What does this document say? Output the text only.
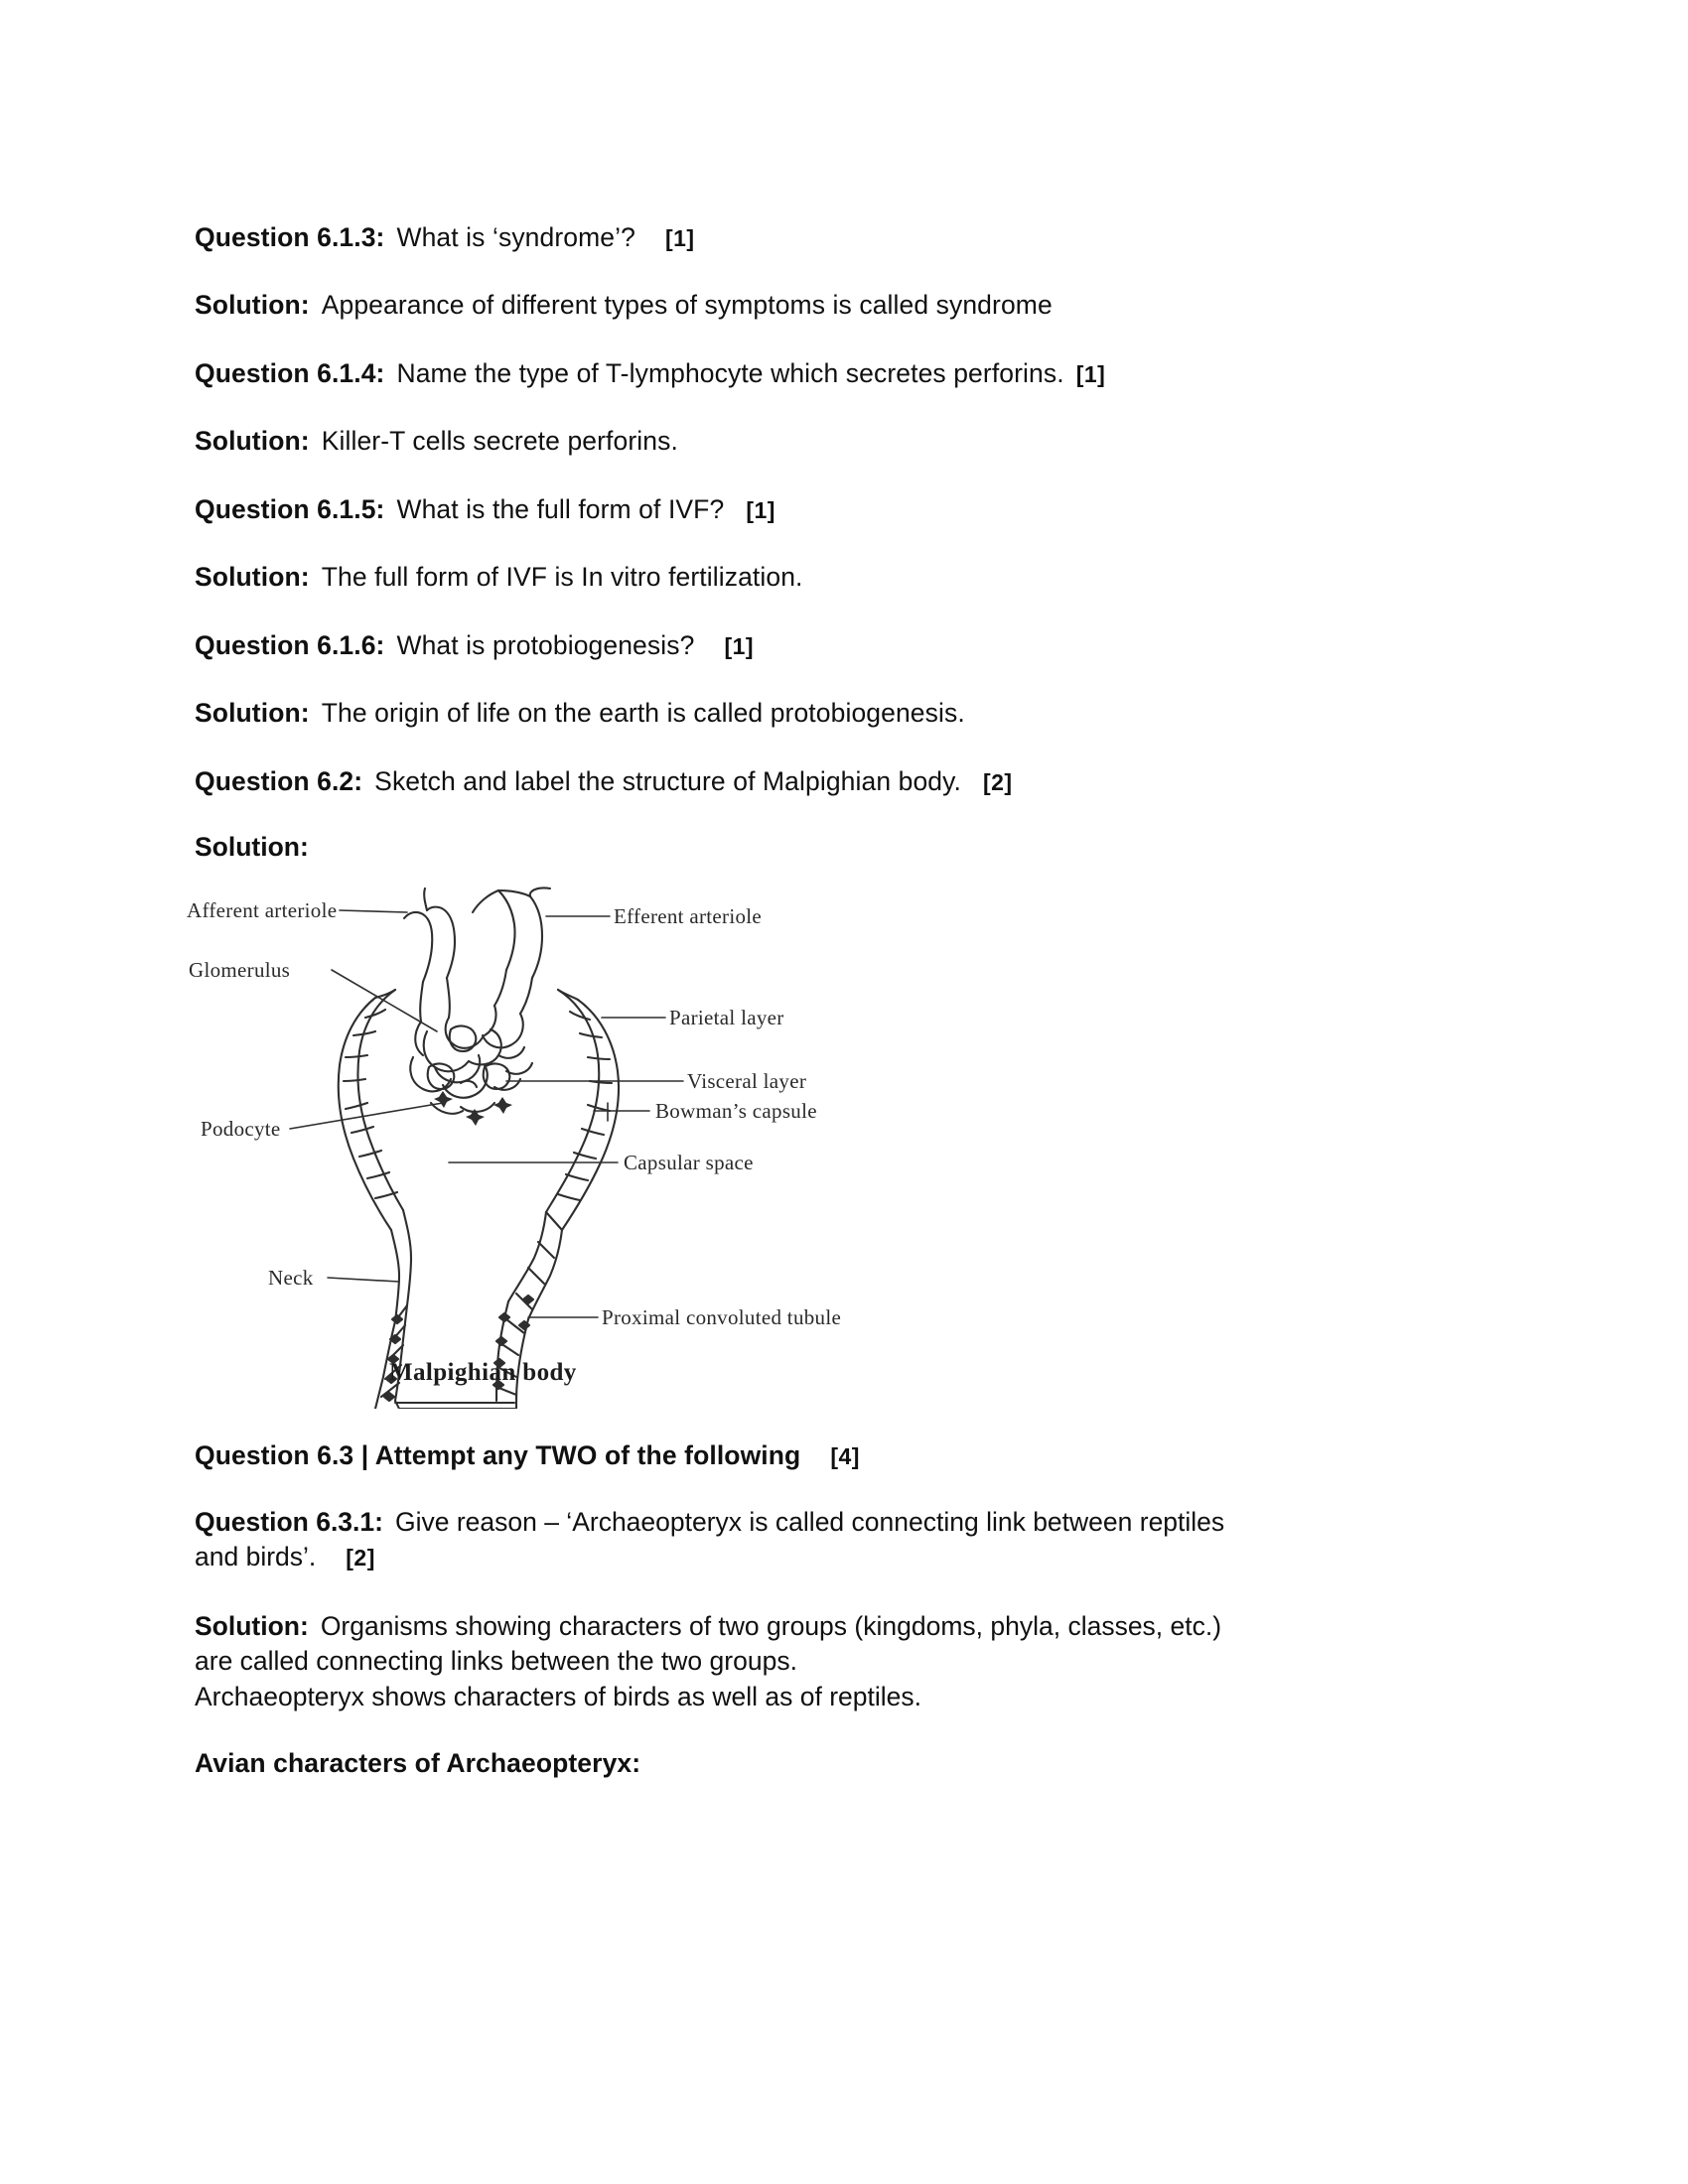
Question 6.1.3: What is ‘syndrome’? [1]

Solution: Appearance of different types of symptoms is called syndrome

Question 6.1.4: Name the type of T-lymphocyte which secretes perforins. [1]

Solution: Killer-T cells secrete perforins.

Question 6.1.5: What is the full form of IVF? [1]

Solution: The full form of IVF is In vitro fertilization.

Question 6.1.6: What is protobiogenesis? [1]

Solution: The origin of life on the earth is called protobiogenesis.

Question 6.2: Sketch and label the structure of Malpighian body. [2]

Solution:

Afferent arteriole	Efferent arteriole
Glomerulus
Parietal layer
Visceral layer
Bowman’s capsule
Podocyte
Capsular space
Neck
Proximal convoluted tubule
Malpighian body

Question 6.3 | Attempt any TWO of the following [4]

Question 6.3.1: Give reason – ‘Archaeopteryx is called connecting link between reptiles
and birds’. [2]

Solution: Organisms showing characters of two groups (kingdoms, phyla, classes, etc.)
are called connecting links between the two groups.
Archaeopteryx shows characters of birds as well as of reptiles.

Avian characters of Archaeopteryx:
